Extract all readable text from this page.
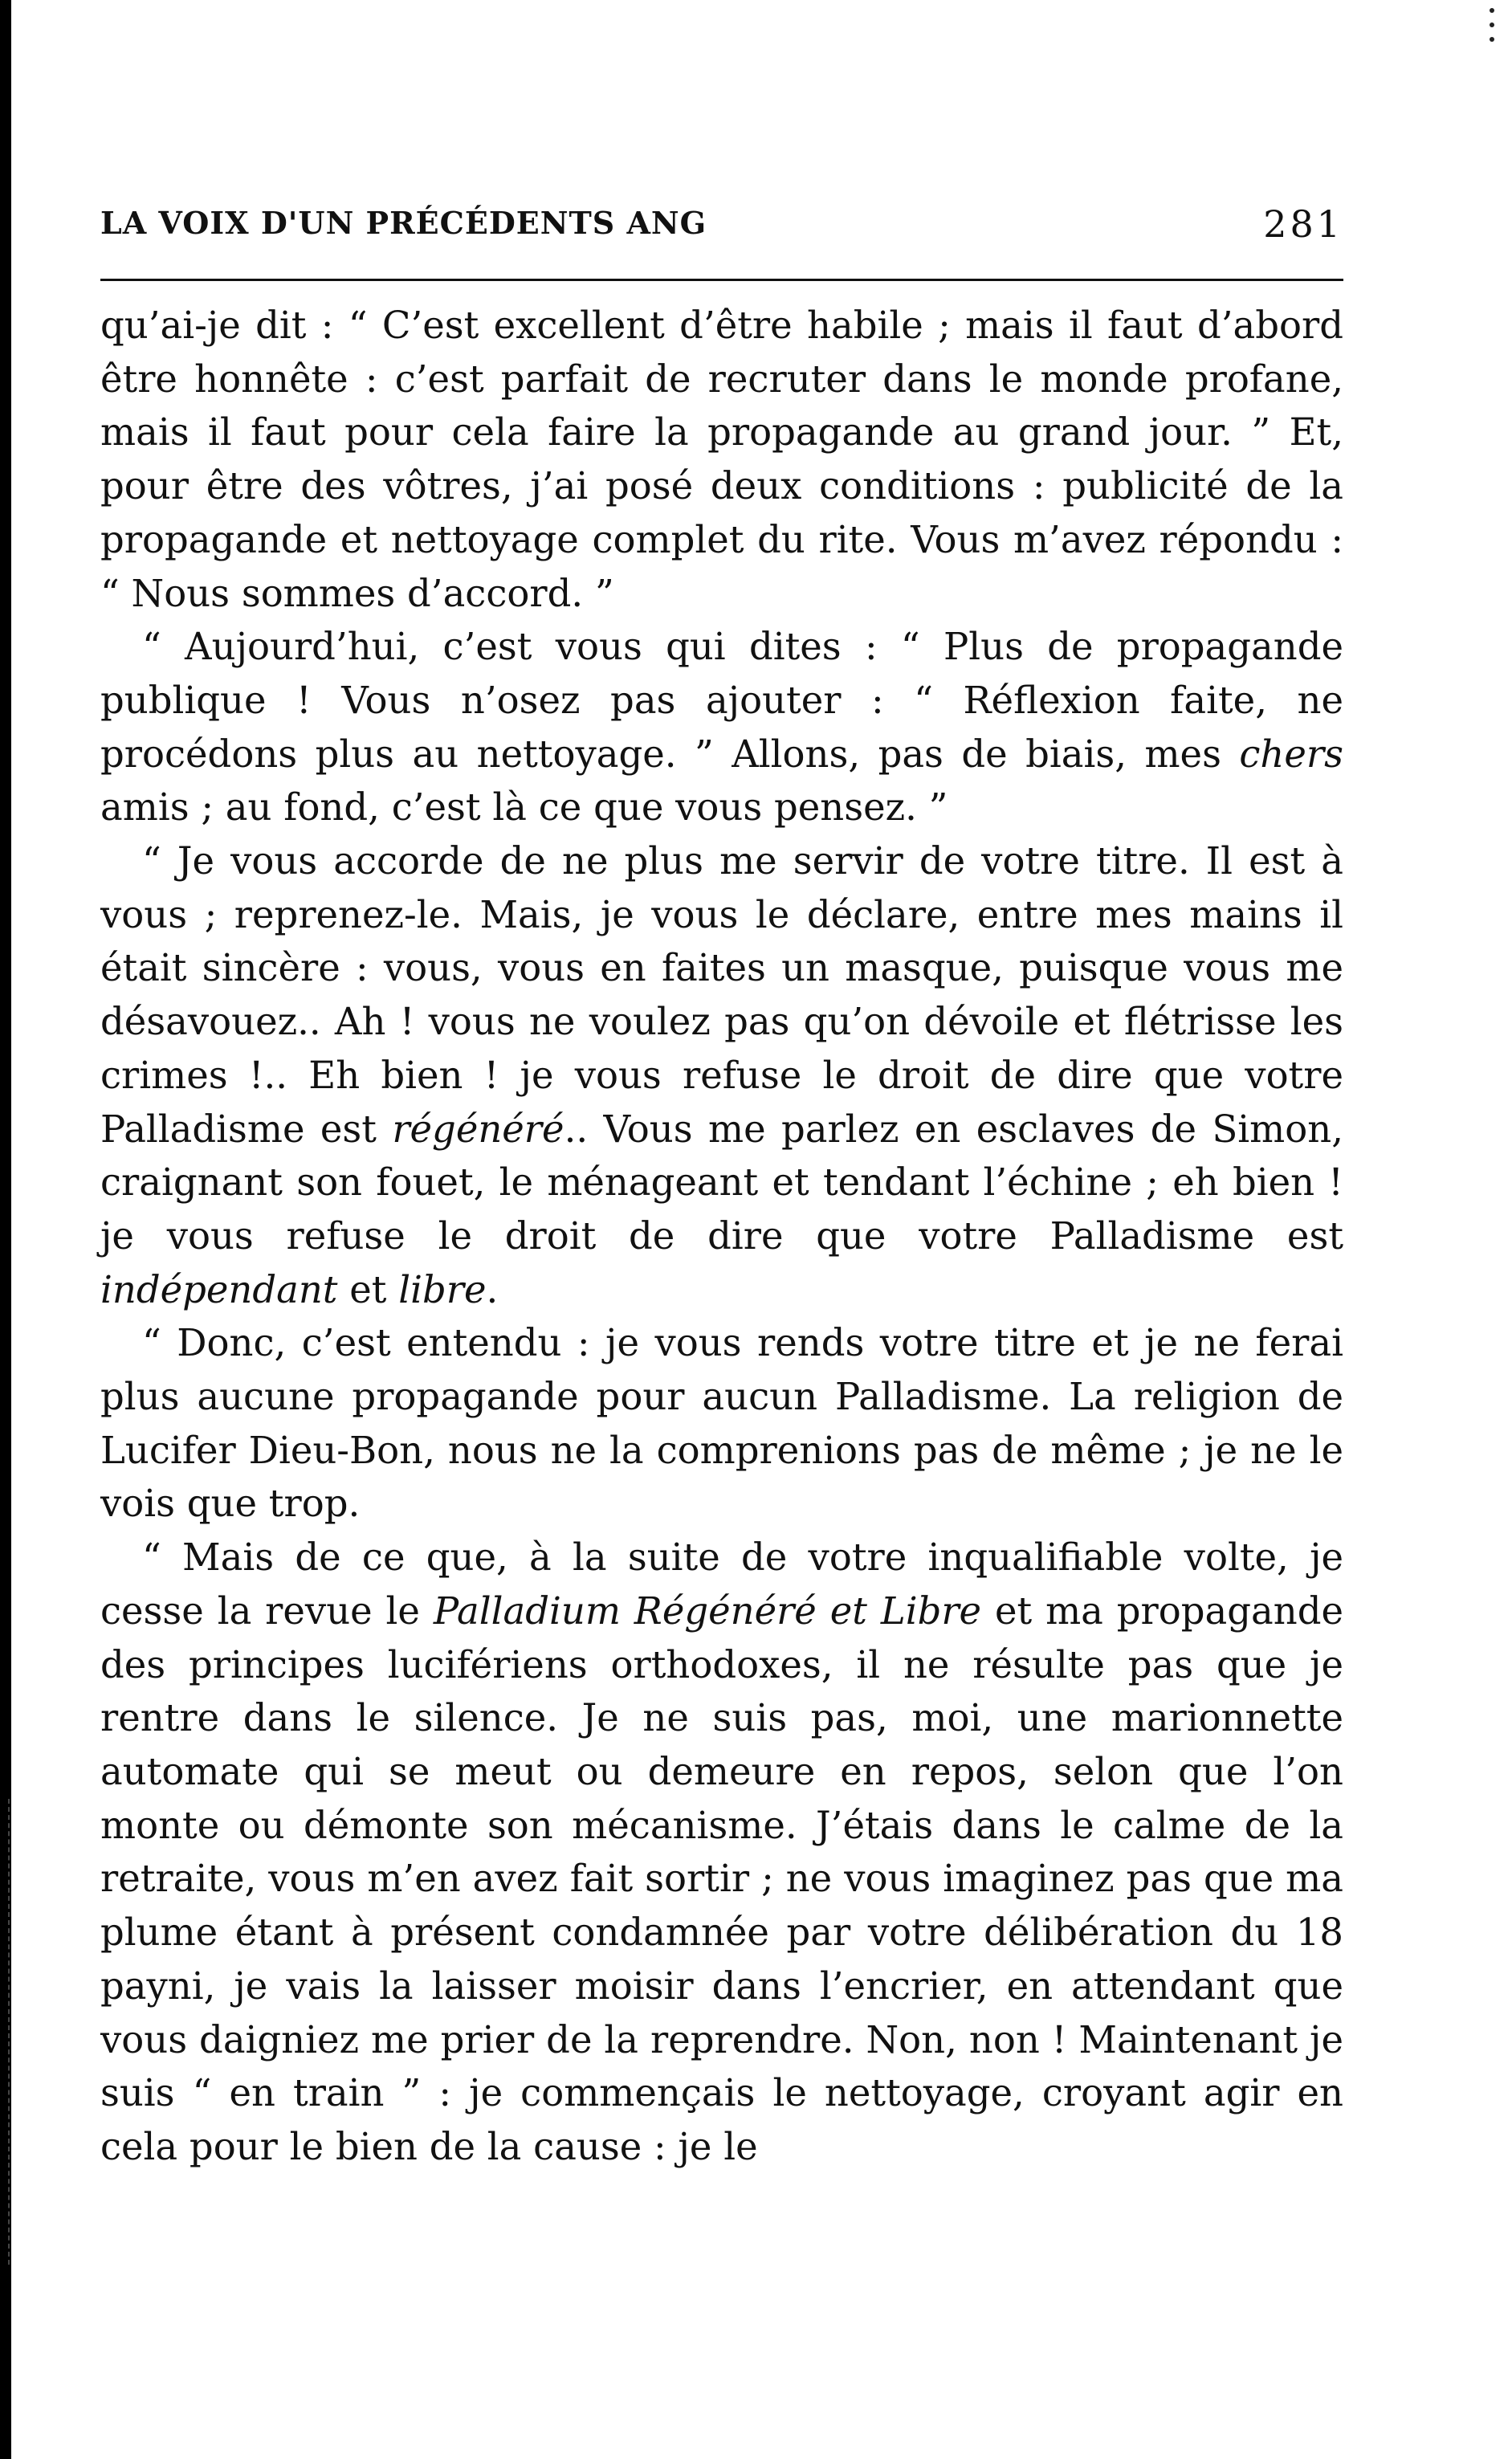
LA VOIX D'UN PRÉCÉDENTS ANG	281

qu’ai-je dit : “ C’est excellent d’être habile ; mais il faut d’abord être honnête : c’est parfait de recruter dans le monde profane, mais il faut pour cela faire la propagande au grand jour. ” Et, pour être des vôtres, j’ai posé deux conditions : publicité de la propagande et nettoyage complet du rite. Vous m’avez répondu : “ Nous sommes d’accord. ”

“ Aujourd’hui, c’est vous qui dites : “ Plus de propagande publique ! Vous n’osez pas ajouter : “ Réflexion faite, ne procédons plus au nettoyage. ” Allons, pas de biais, mes chers amis ; au fond, c’est là ce que vous pensez. ”

“ Je vous accorde de ne plus me servir de votre titre. Il est à vous ; reprenez-le. Mais, je vous le déclare, entre mes mains il était sincère : vous, vous en faites un masque, puisque vous me désavouez.. Ah ! vous ne voulez pas qu’on dévoile et flétrisse les crimes !.. Eh bien ! je vous refuse le droit de dire que votre Palladisme est régénéré.. Vous me parlez en esclaves de Simon, craignant son fouet, le ménageant et tendant l’échine ; eh bien ! je vous refuse le droit de dire que votre Palladisme est indépendant et libre.

“ Donc, c’est entendu : je vous rends votre titre et je ne ferai plus aucune propagande pour aucun Palladisme. La religion de Lucifer Dieu-Bon, nous ne la comprenions pas de même ; je ne le vois que trop.

“ Mais de ce que, à la suite de votre inqualifiable volte, je cesse la revue le Palladium Régénéré et Libre et ma propagande des principes lucifériens orthodoxes, il ne résulte pas que je rentre dans le silence. Je ne suis pas, moi, une marionnette automate qui se meut ou demeure en repos, selon que l’on monte ou démonte son mécanisme. J’étais dans le calme de la retraite, vous m’en avez fait sortir ; ne vous imaginez pas que ma plume étant à présent condamnée par votre délibération du 18 payni, je vais la laisser moisir dans l’encrier, en attendant que vous daigniez me prier de la reprendre. Non, non ! Maintenant je suis “ en train ” : je commençais le nettoyage, croyant agir en cela pour le bien de la cause : je le
